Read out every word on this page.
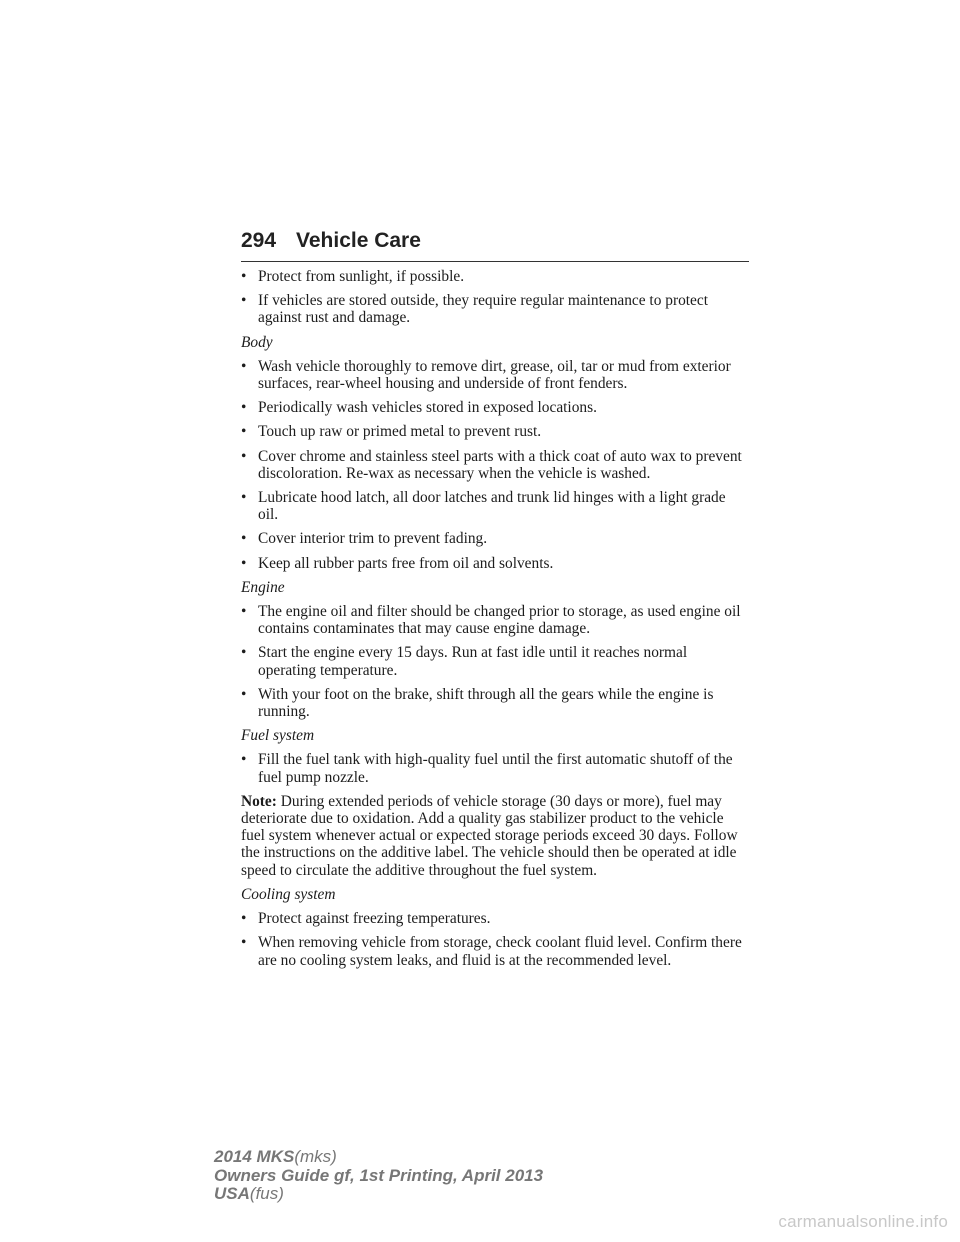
294 Vehicle Care
• Protect from sunlight, if possible.
• If vehicles are stored outside, they require regular maintenance to protect against rust and damage.
Body
• Wash vehicle thoroughly to remove dirt, grease, oil, tar or mud from exterior surfaces, rear-wheel housing and underside of front fenders.
• Periodically wash vehicles stored in exposed locations.
• Touch up raw or primed metal to prevent rust.
• Cover chrome and stainless steel parts with a thick coat of auto wax to prevent discoloration. Re-wax as necessary when the vehicle is washed.
• Lubricate hood latch, all door latches and trunk lid hinges with a light grade oil.
• Cover interior trim to prevent fading.
• Keep all rubber parts free from oil and solvents.
Engine
• The engine oil and filter should be changed prior to storage, as used engine oil contains contaminates that may cause engine damage.
• Start the engine every 15 days. Run at fast idle until it reaches normal operating temperature.
• With your foot on the brake, shift through all the gears while the engine is running.
Fuel system
• Fill the fuel tank with high-quality fuel until the first automatic shutoff of the fuel pump nozzle.
Note: During extended periods of vehicle storage (30 days or more), fuel may deteriorate due to oxidation. Add a quality gas stabilizer product to the vehicle fuel system whenever actual or expected storage periods exceed 30 days. Follow the instructions on the additive label. The vehicle should then be operated at idle speed to circulate the additive throughout the fuel system.
Cooling system
• Protect against freezing temperatures.
• When removing vehicle from storage, check coolant fluid level. Confirm there are no cooling system leaks, and fluid is at the recommended level.
2014 MKS(mks)
Owners Guide gf, 1st Printing, April 2013
USA(fus)
carmanualsonline.info
